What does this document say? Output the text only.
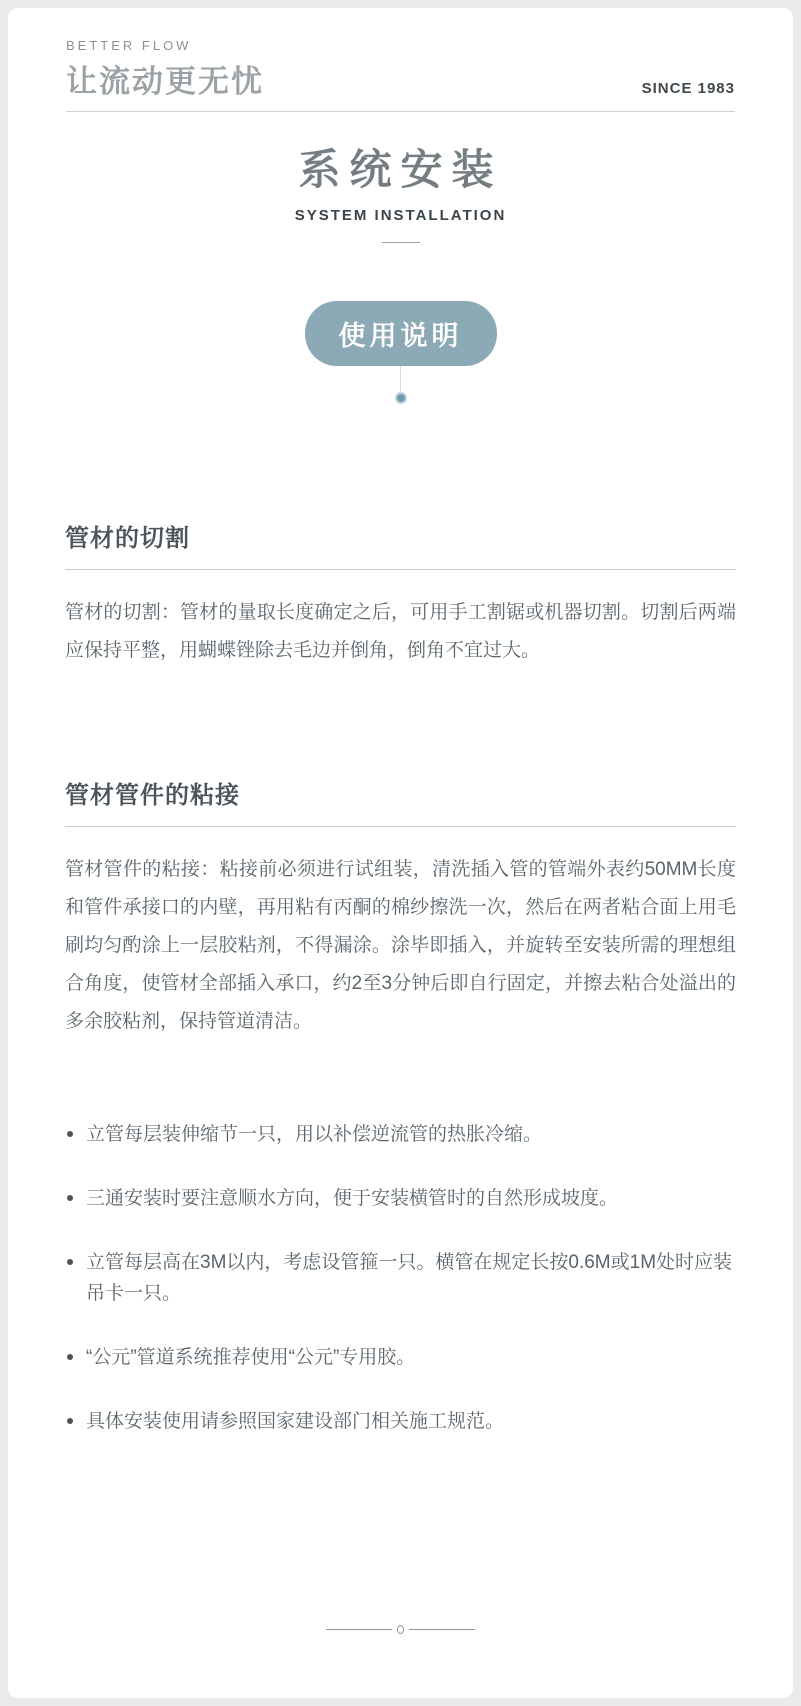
BETTER FLOW
让流动更无忧	SINCE 1983
系统安装
SYSTEM INSTALLATION
使用说明
管材的切割
管材的切割：管材的量取长度确定之后，可用手工割锯或机器切割。切割后两端应保持平整，用蝴蝶锉除去毛边并倒角，倒角不宜过大。
管材管件的粘接
管材管件的粘接：粘接前必须进行试组装，清洗插入管的管端外表约50MM长度和管件承接口的内壁，再用粘有丙酮的棉纱擦洗一次，然后在两者粘合面上用毛刷均匀酌涂上一层胶粘剂，不得漏涂。涂毕即插入，并旋转至安装所需的理想组合角度，使管材全部插入承口，约2至3分钟后即自行固定，并擦去粘合处溢出的多余胶粘剂，保持管道清洁。
立管每层装伸缩节一只，用以补偿逆流管的热胀冷缩。
三通安装时要注意顺水方向，便于安装横管时的自然形成坡度。
立管每层高在3M以内，考虑设管箍一只。横管在规定长按0.6M或1M处时应装吊卡一只。
“公元”管道系统推荐使用“公元”专用胶。
具体安装使用请参照国家建设部门相关施工规范。
